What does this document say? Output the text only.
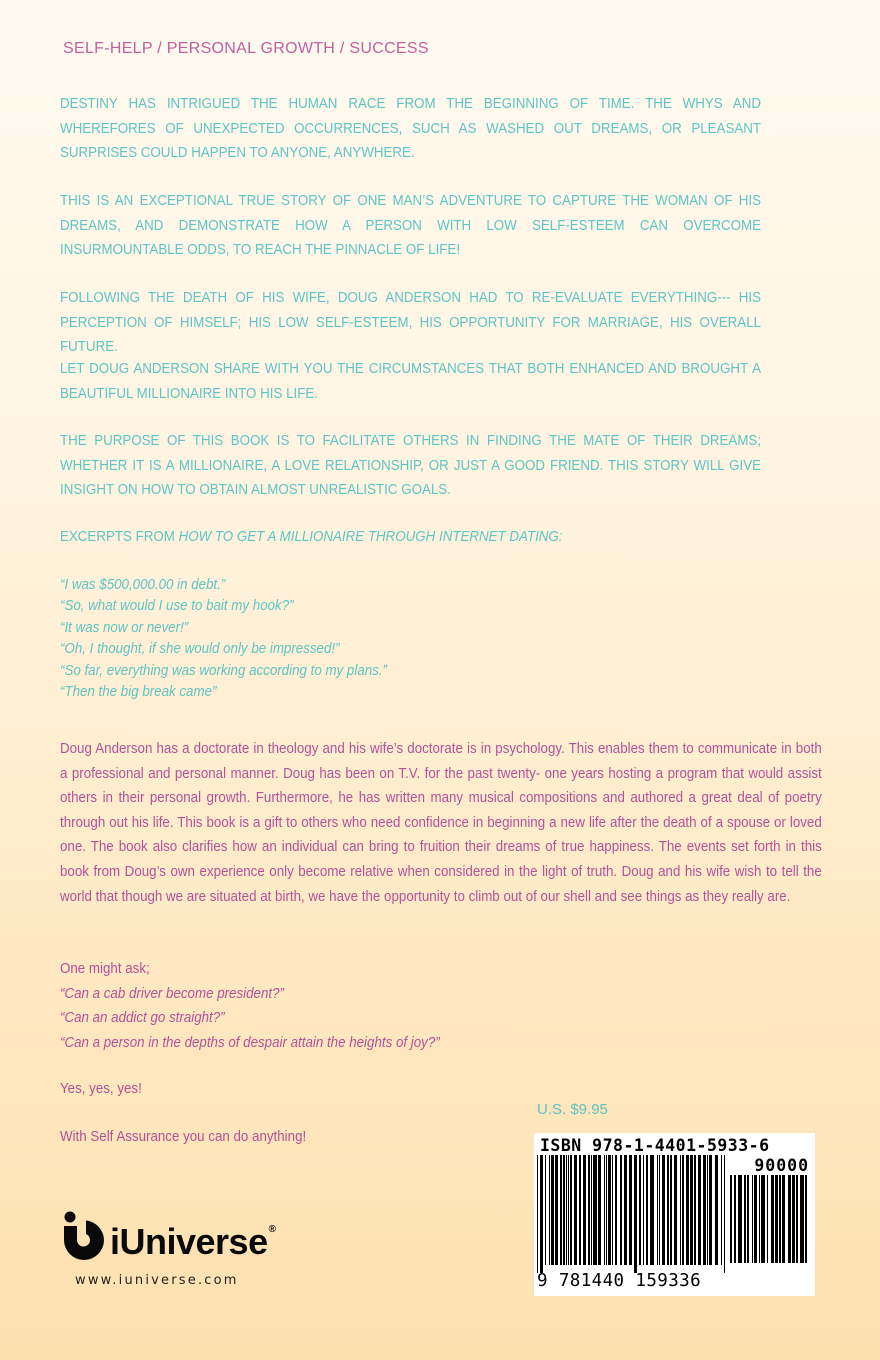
SELF-HELP / PERSONAL GROWTH / SUCCESS
DESTINY HAS INTRIGUED THE HUMAN RACE FROM THE BEGINNING OF TIME. THE WHYS AND WHEREFORES OF UNEXPECTED OCCURRENCES, SUCH AS WASHED OUT DREAMS, OR PLEASANT SURPRISES COULD HAPPEN TO ANYONE, ANYWHERE.
THIS IS AN EXCEPTIONAL TRUE STORY OF ONE MAN’S ADVENTURE TO CAPTURE THE WOMAN OF HIS DREAMS, AND DEMONSTRATE HOW A PERSON WITH LOW SELF-ESTEEM CAN OVERCOME INSURMOUNTABLE ODDS, TO REACH THE PINNACLE OF LIFE!
FOLLOWING THE DEATH OF HIS WIFE, DOUG ANDERSON HAD TO RE-EVALUATE EVERYTHING--- HIS PERCEPTION OF HIMSELF; HIS LOW SELF-ESTEEM, HIS OPPORTUNITY FOR MARRIAGE, HIS OVERALL FUTURE.
LET DOUG ANDERSON SHARE WITH YOU THE CIRCUMSTANCES THAT BOTH ENHANCED AND BROUGHT A BEAUTIFUL MILLIONAIRE INTO HIS LIFE.
THE PURPOSE OF THIS BOOK IS TO FACILITATE OTHERS IN FINDING THE MATE OF THEIR DREAMS; WHETHER IT IS A MILLIONAIRE, A LOVE RELATIONSHIP, OR JUST A GOOD FRIEND. THIS STORY WILL GIVE INSIGHT ON HOW TO OBTAIN ALMOST UNREALISTIC GOALS.
EXCERPTS FROM HOW TO GET A MILLIONAIRE THROUGH INTERNET DATING:
“I was $500,000.00 in debt.”
“So, what would I use to bait my hook?”
“It was now or never!”
“Oh, I thought, if she would only be impressed!”
“So far, everything was working according to my plans.”
“Then the big break came”
Doug Anderson has a doctorate in theology and his wife’s doctorate is in psychology. This enables them to communicate in both a professional and personal manner. Doug has been on T.V. for the past twenty- one years hosting a program that would assist others in their personal growth. Furthermore, he has written many musical compositions and authored a great deal of poetry through out his life. This book is a gift to others who need confidence in beginning a new life after the death of a spouse or loved one. The book also clarifies how an individual can bring to fruition their dreams of true happiness. The events set forth in this book from Doug’s own experience only become relative when considered in the light of truth. Doug and his wife wish to tell the world that though we are situated at birth, we have the opportunity to climb out of our shell and see things as they really are.
One might ask;
“Can a cab driver become president?”
“Can an addict go straight?”
“Can a person in the depths of despair attain the heights of joy?”
Yes, yes, yes!
With Self Assurance you can do anything!
U.S. $9.95
ISBN 978-1-4401-5933-6
90000
9 781440 159336
iUniverse®
www.iuniverse.com
